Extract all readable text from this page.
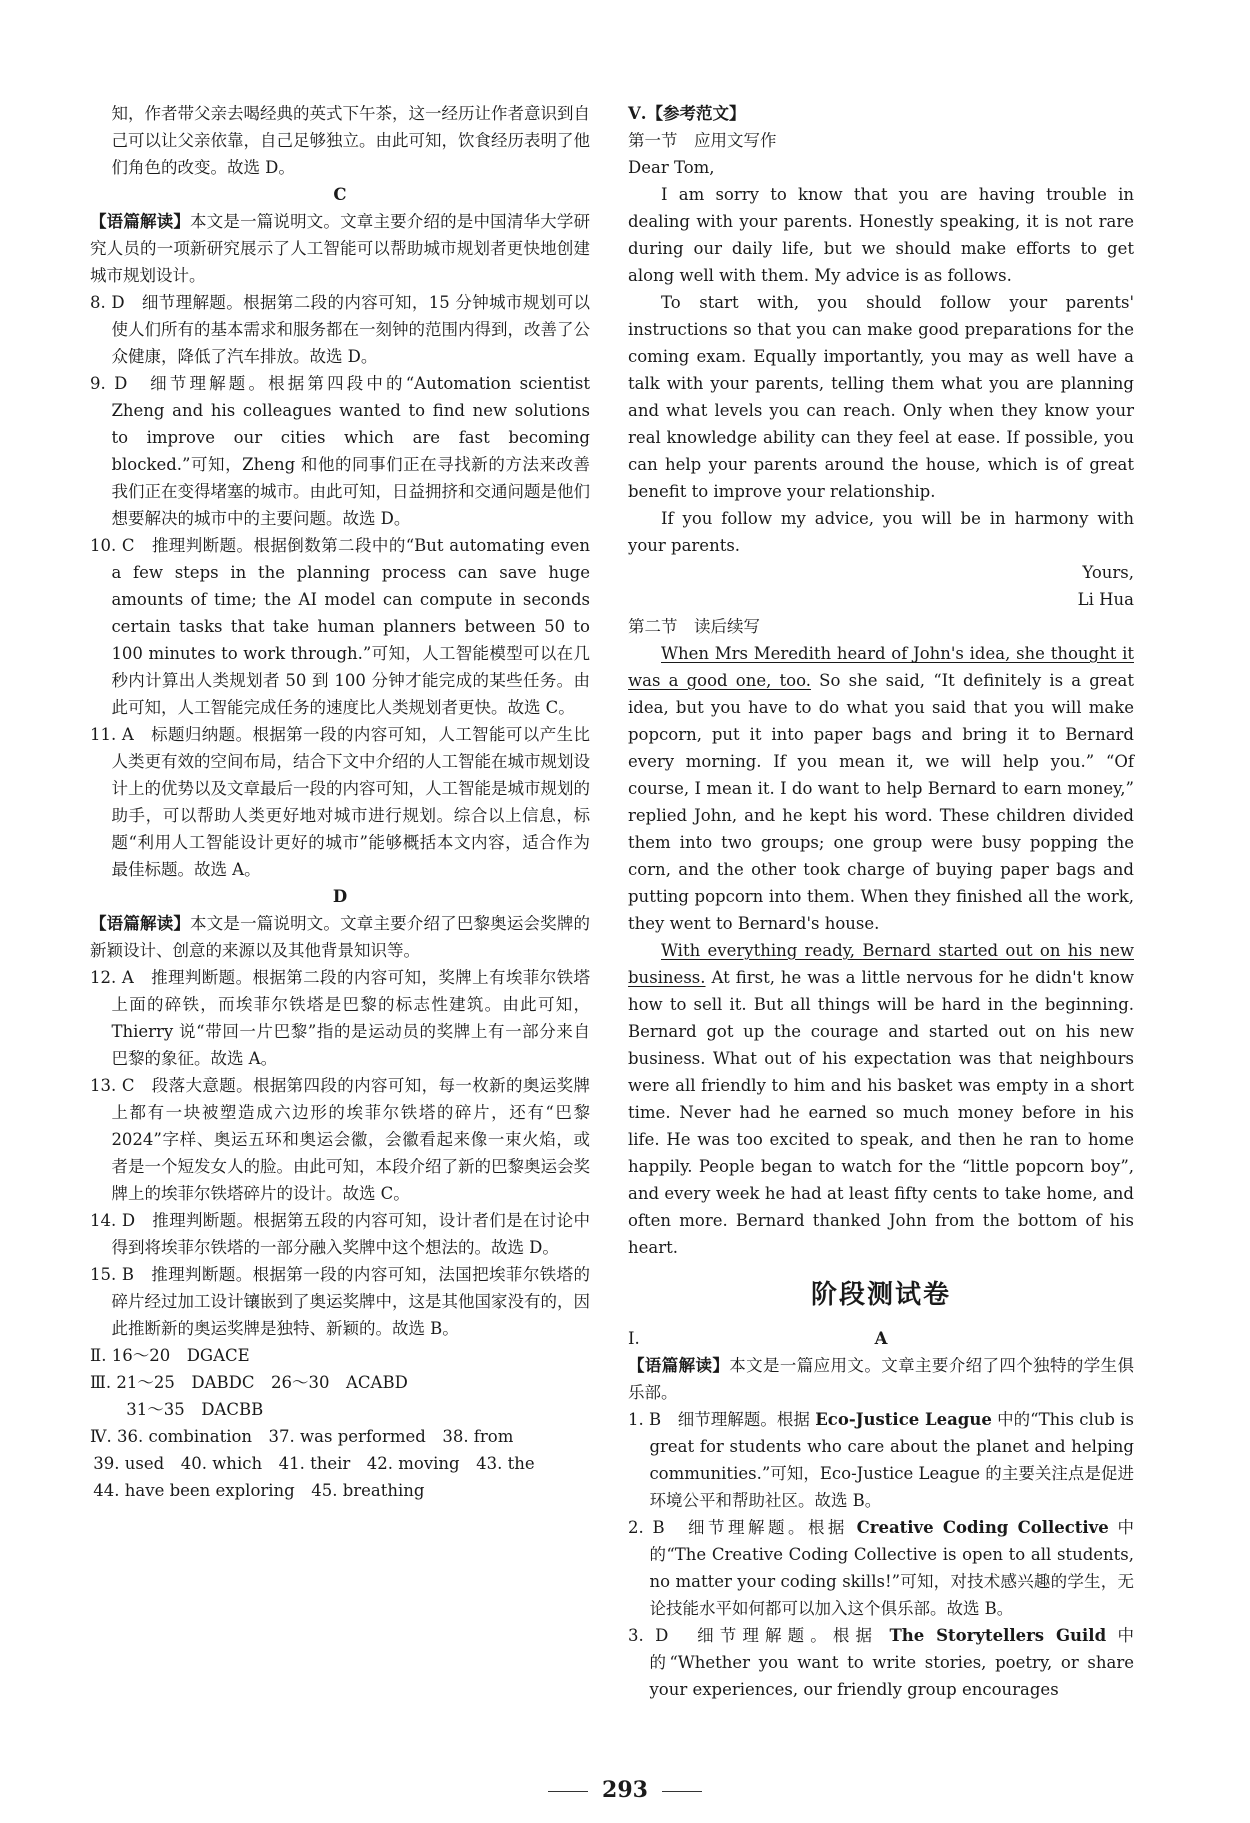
知，作者带父亲去喝经典的英式下午茶，这一经历让作者意识到自己可以让父亲依靠，自己足够独立。由此可知，饮食经历表明了他们角色的改变。故选 D。

C

【语篇解读】本文是一篇说明文。文章主要介绍的是中国清华大学研究人员的一项新研究展示了人工智能可以帮助城市规划者更快地创建城市规划设计。

8. D　细节理解题。根据第二段的内容可知，15 分钟城市规划可以使人们所有的基本需求和服务都在一刻钟的范围内得到，改善了公众健康，降低了汽车排放。故选 D。

9. D　细节理解题。根据第四段中的“Automation scientist Zheng and his colleagues wanted to find new solutions to improve our cities which are fast becoming blocked.”可知，Zheng 和他的同事们正在寻找新的方法来改善我们正在变得堵塞的城市。由此可知，日益拥挤和交通问题是他们想要解决的城市中的主要问题。故选 D。

10. C　推理判断题。根据倒数第二段中的“But automating even a few steps in the planning process can save huge amounts of time; the AI model can compute in seconds certain tasks that take human planners between 50 to 100 minutes to work through.”可知，人工智能模型可以在几秒内计算出人类规划者 50 到 100 分钟才能完成的某些任务。由此可知，人工智能完成任务的速度比人类规划者更快。故选 C。

11. A　标题归纳题。根据第一段的内容可知，人工智能可以产生比人类更有效的空间布局，结合下文中介绍的人工智能在城市规划设计上的优势以及文章最后一段的内容可知，人工智能是城市规划的助手，可以帮助人类更好地对城市进行规划。综合以上信息，标题“利用人工智能设计更好的城市”能够概括本文内容，适合作为最佳标题。故选 A。

D

【语篇解读】本文是一篇说明文。文章主要介绍了巴黎奥运会奖牌的新颖设计、创意的来源以及其他背景知识等。

12. A　推理判断题。根据第二段的内容可知，奖牌上有埃菲尔铁塔上面的碎铁，而埃菲尔铁塔是巴黎的标志性建筑。由此可知，Thierry 说“带回一片巴黎”指的是运动员的奖牌上有一部分来自巴黎的象征。故选 A。

13. C　段落大意题。根据第四段的内容可知，每一枚新的奥运奖牌上都有一块被塑造成六边形的埃菲尔铁塔的碎片，还有“巴黎 2024”字样、奥运五环和奥运会徽，会徽看起来像一束火焰，或者是一个短发女人的脸。由此可知，本段介绍了新的巴黎奥运会奖牌上的埃菲尔铁塔碎片的设计。故选 C。

14. D　推理判断题。根据第五段的内容可知，设计者们是在讨论中得到将埃菲尔铁塔的一部分融入奖牌中这个想法的。故选 D。

15. B　推理判断题。根据第一段的内容可知，法国把埃菲尔铁塔的碎片经过加工设计镶嵌到了奥运奖牌中，这是其他国家没有的，因此推断新的奥运奖牌是独特、新颖的。故选 B。

Ⅱ. 16～20　DGACE

Ⅲ. 21～25　DABDC　26～30　ACABD

31～35　DACBB

Ⅳ. 36. combination　37. was performed　38. from

39. used　40. which　41. their　42. moving　43. the

44. have been exploring　45. breathing

Ⅴ.【参考范文】

第一节　应用文写作

Dear Tom,

I am sorry to know that you are having trouble in dealing with your parents. Honestly speaking, it is not rare during our daily life, but we should make efforts to get along well with them. My advice is as follows.

To start with, you should follow your parents' instructions so that you can make good preparations for the coming exam. Equally importantly, you may as well have a talk with your parents, telling them what you are planning and what levels you can reach. Only when they know your real knowledge ability can they feel at ease. If possible, you can help your parents around the house, which is of great benefit to improve your relationship.

If you follow my advice, you will be in harmony with your parents.

Yours,

Li Hua

第二节　读后续写

When Mrs Meredith heard of John's idea, she thought it was a good one, too. So she said, “It definitely is a great idea, but you have to do what you said that you will make popcorn, put it into paper bags and bring it to Bernard every morning. If you mean it, we will help you.” “Of course, I mean it. I do want to help Bernard to earn money,” replied John, and he kept his word. These children divided them into two groups; one group were busy popping the corn, and the other took charge of buying paper bags and putting popcorn into them. When they finished all the work, they went to Bernard's house.

With everything ready, Bernard started out on his new business. At first, he was a little nervous for he didn't know how to sell it. But all things will be hard in the beginning. Bernard got up the courage and started out on his new business. What out of his expectation was that neighbours were all friendly to him and his basket was empty in a short time. Never had he earned so much money before in his life. He was too excited to speak, and then he ran to home happily. People began to watch for the “little popcorn boy”, and every week he had at least fifty cents to take home, and often more. Bernard thanked John from the bottom of his heart.

阶段测试卷

Ⅰ.	A

【语篇解读】本文是一篇应用文。文章主要介绍了四个独特的学生俱乐部。

1. B　细节理解题。根据 Eco-Justice League 中的“This club is great for students who care about the planet and helping communities.”可知，Eco-Justice League 的主要关注点是促进环境公平和帮助社区。故选 B。

2. B　细节理解题。根据 Creative Coding Collective 中的“The Creative Coding Collective is open to all students, no matter your coding skills!”可知，对技术感兴趣的学生，无论技能水平如何都可以加入这个俱乐部。故选 B。

3. D　细节理解题。根据 The Storytellers Guild 中的“Whether you want to write stories, poetry, or share your experiences, our friendly group encourages

293
